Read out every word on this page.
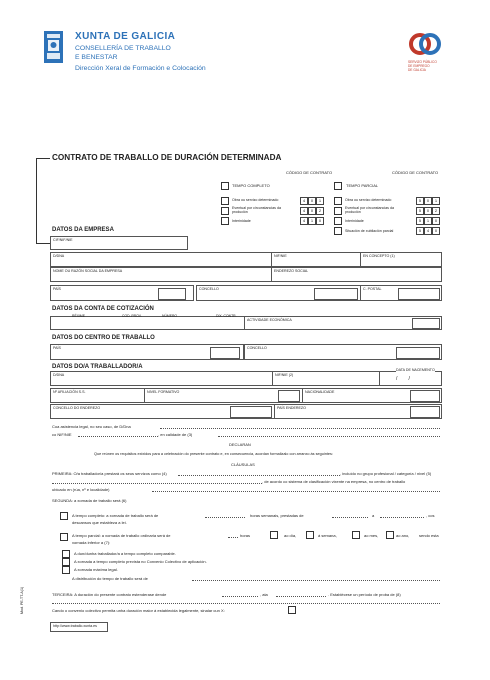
XUNTA DE GALICIA
CONSELLERÍA DE TRABALLO
E BENESTAR
Dirección Xeral de Formación e Colocación
SERVIZO PÚBLICO
DE EMPREGO
DE GALICIA
CONTRATO DE TRABALLO DE DURACIÓN DETERMINADA
CÓDIGO DE CONTRATO	CÓDIGO DE CONTRATO
TEMPO COMPLETO	TEMPO PARCIAL
Obra ou servizo determinado	4	0	1
Eventual por circunstancias da produción	4	0	2
Interinidade	4	1	0
Obra ou servizo determinado	5	0	1
Eventual por circunstancias da produción	5	0	2
Interinidade	5	1	0
Situación de xubilación parcial	5	4	0
DATOS DA EMPRESA
CIF/NIF/NIE
D/DNA	NIF/NIE	EN CONCEPTO (1)
NOME OU RAZÓN SOCIAL DA EMPRESA	ENDEREZO SOCIAL
PAÍS	CONCELLO	C. POSTAL
DATOS DA CONTA DE COTIZACIÓN
RÉXIME	COD. PROV.	NÚMERO	DIX. CONTR.
ACTIVIDADE ECONÓMICA
DATOS DO CENTRO DE TRABALLO
PAÍS	CONCELLO
DATOS DO/A TRABALLADOR/A
D/DNA	NIF/NIE (2)
DATA DE NACEMENTO
/        /
Nº AFILIACIÓN S.S.	NIVEL FORMATIVO	NACIONALIDADE
CONCELLO DO ENDEREZO	PAÍS ENDEREZO
Coa asistencia legal, no seu caso, de D/Dna
co NIF/NIE	, en calidade de (3)
DECLARAN
Que reúnen os requisitos exixidos para a celebración do presente contrato e, en consecuencia, acordan formalizalo con arranxo ás seguintes:
CLÁUSULAS
PRIMEIRA: O/a traballador/a prestará os seus servizos como (4)	, incluído no grupo profesional / categoría / nivel (5)
, de acordo co sistema de clasificación vixente na empresa, no centro de traballo
ubicado en (rúa, nº e localidade)
SEGUNDA: a xornada de traballo será (6)
A tempo completo: a xornada de traballo será de	horas semanais, prestadas de	a	, cos
descansos que estableza a lei.
A tempo parcial: a xornada de traballo ordinaria será de	horas	ao día,	á semana,	ao mes,	ao ano, sendo esta
xornada inferior a (7):
A dun/dunha traballador/a a tempo completo comparable.
A xornada a tempo completo prevista no Convenio Colectivo de aplicación.
A xornada máxima legal.
A distribución do tempo de traballo será de
TERCEIRA: A duración do presente contrato estenderase dende	, ata	. Establécese un período de proba de (8)
Cando o convenio colectivo permita unha duración maior á establecida legalmente, sinalar cun X:
http://www.traballo.xunta.es
Mod. PE-TT-A(1)
